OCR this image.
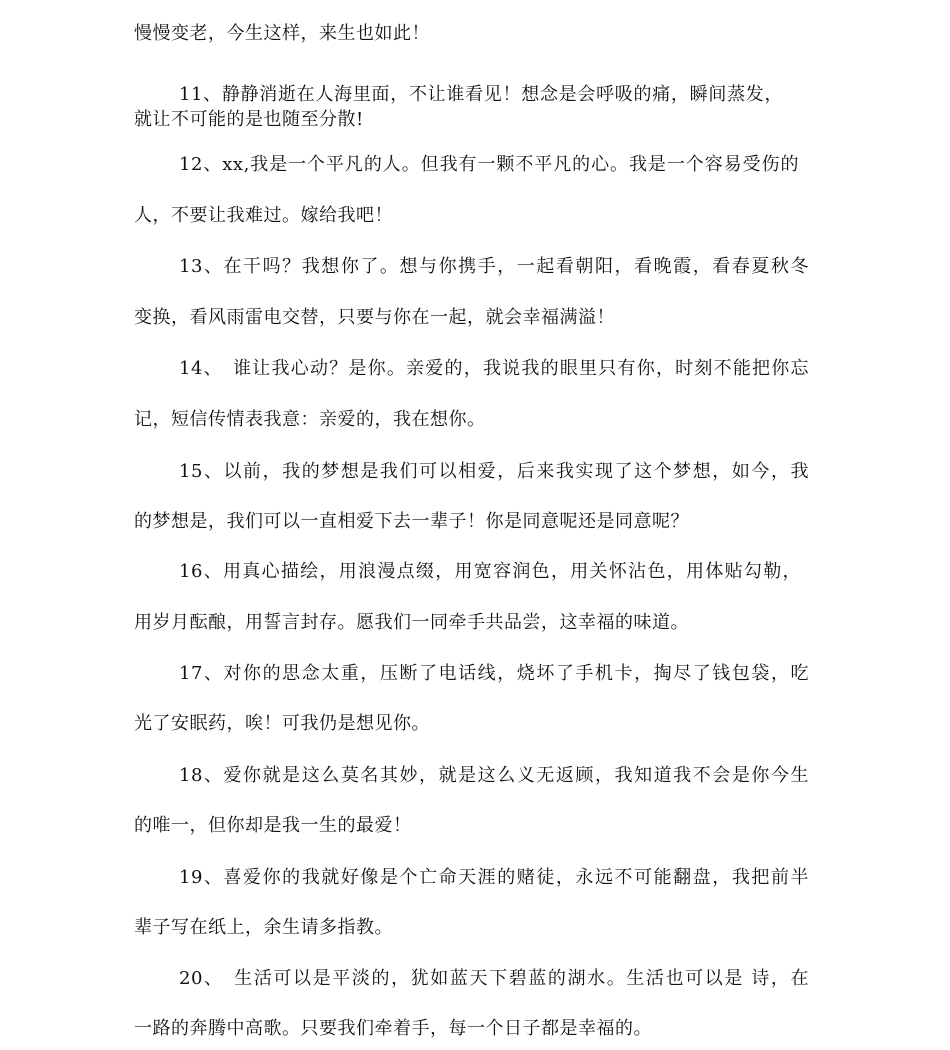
慢慢变老，今生这样，来生也如此！
11、静静消逝在人海里面，不让谁看见！想念是会呼吸的痛，瞬间蒸发，
就让不可能的是也随至分散!
12、xx,我是一个平凡的人。但我有一颗不平凡的心。我是一个容易受伤的
人，不要让我难过。嫁给我吧！
13、在干吗？我想你了。想与你携手，一起看朝阳，看晚霞，看春夏秋冬
变换，看风雨雷电交替，只要与你在一起，就会幸福满溢！
14、　谁让我心动？是你。亲爱的，我说我的眼里只有你，时刻不能把你忘
记，短信传情表我意：亲爱的，我在想你。
15、以前，我的梦想是我们可以相爱，后来我实现了这个梦想，如今，我
的梦想是，我们可以一直相爱下去一辈子！你是同意呢还是同意呢？
16、用真心描绘，用浪漫点缀，用宽容润色，用关怀沾色，用体贴勾勒，
用岁月酝酿，用誓言封存。愿我们一同牵手共品尝，这幸福的味道。
17、对你的思念太重，压断了电话线，烧坏了手机卡，掏尽了钱包袋，吃
光了安眠药，唉！可我仍是想见你。
18、爱你就是这么莫名其妙，就是这么义无返顾，我知道我不会是你今生
的唯一，但你却是我一生的最爱！
19、喜爱你的我就好像是个亡命天涯的赌徒，永远不可能翻盘，我把前半
辈子写在纸上，余生请多指教。
20、　生活可以是平淡的，犹如蓝天下碧蓝的湖水。生活也可以是 诗，在
一路的奔腾中高歌。只要我们牵着手，每一个日子都是幸福的。
